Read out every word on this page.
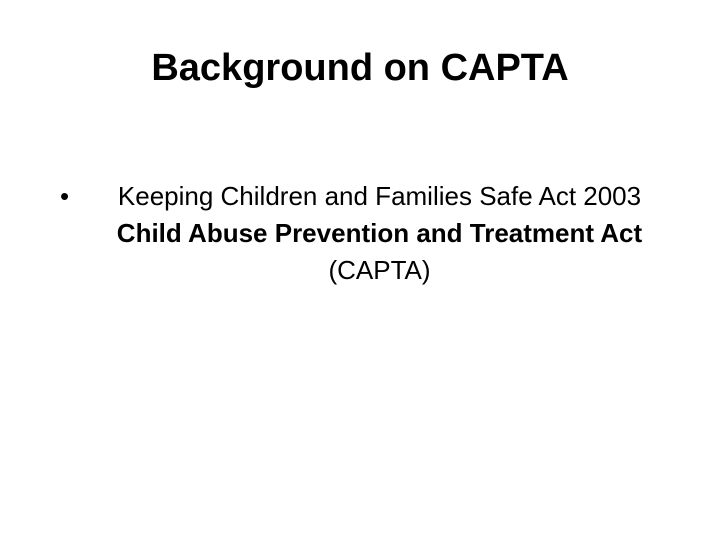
Background on CAPTA
•	Keeping Children and Families Safe Act 2003 Child Abuse Prevention and Treatment Act (CAPTA)
